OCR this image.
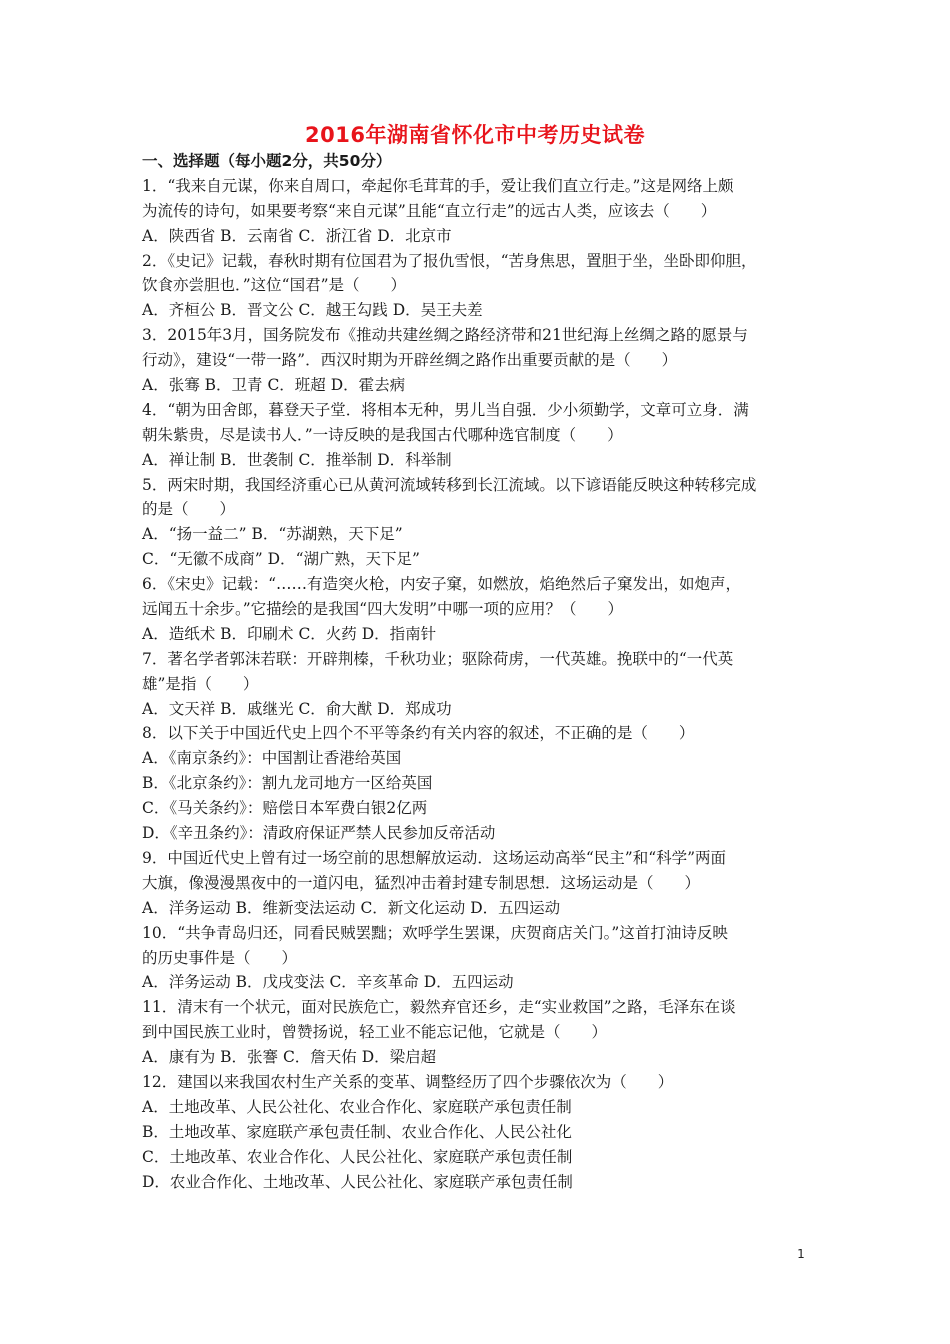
2016年湖南省怀化市中考历史试卷
一、选择题（每小题2分，共50分）
1．“我来自元谋，你来自周口，牵起你毛茸茸的手，爱让我们直立行走。”这是网络上颇
为流传的诗句，如果要考察“来自元谋”且能“直立行走”的远古人类，应该去（　　）
A．陕西省 B．云南省 C．浙江省 D．北京市
2．《史记》记载，春秋时期有位国君为了报仇雪恨，“苦身焦思，置胆于坐，坐卧即仰胆，
饮食亦尝胆也．”这位“国君”是（　　）
A．齐桓公 B．晋文公 C．越王勾践 D．吴王夫差
3．2015年3月，国务院发布《推动共建丝绸之路经济带和21世纪海上丝绸之路的愿景与
行动》，建设“一带一路”．西汉时期为开辟丝绸之路作出重要贡献的是（　　）
A．张骞 B．卫青 C．班超 D．霍去病
4．“朝为田舍郎，暮登天子堂．将相本无种，男儿当自强．少小须勤学，文章可立身．满
朝朱紫贵，尽是读书人．”一诗反映的是我国古代哪种选官制度（　　）
A．禅让制 B．世袭制 C．推举制 D．科举制
5．两宋时期，我国经济重心已从黄河流域转移到长江流域。以下谚语能反映这种转移完成
的是（　　）
A．“扬一益二” B．“苏湖熟，天下足”
C．“无徽不成商” D．“湖广熟，天下足”
6．《宋史》记载：“……有造突火枪，内安子窠，如燃放，焰绝然后子窠发出，如炮声，
远闻五十余步。”它描绘的是我国“四大发明”中哪一项的应用？（　　）
A．造纸术 B．印刷术 C．火药 D．指南针
7．著名学者郭沫若联：开辟荆榛，千秋功业；驱除荷虏，一代英雄。挽联中的“一代英
雄”是指（　　）
A．文天祥 B．戚继光 C．俞大猷 D．郑成功
8．以下关于中国近代史上四个不平等条约有关内容的叙述，不正确的是（　　）
A．《南京条约》：中国割让香港给英国
B．《北京条约》：割九龙司地方一区给英国
C．《马关条约》：赔偿日本军费白银2亿两
D．《辛丑条约》：清政府保证严禁人民参加反帝活动
9．中国近代史上曾有过一场空前的思想解放运动．这场运动高举“民主”和“科学”两面
大旗，像漫漫黑夜中的一道闪电，猛烈冲击着封建专制思想．这场运动是（　　）
A．洋务运动 B．维新变法运动 C．新文化运动 D．五四运动
10．“共争青岛归还，同看民贼罢黜；欢呼学生罢课，庆贺商店关门。”这首打油诗反映
的历史事件是（　　）
A．洋务运动 B．戊戌变法 C．辛亥革命 D．五四运动
11．清末有一个状元，面对民族危亡，毅然弃官还乡，走“实业救国”之路，毛泽东在谈
到中国民族工业时，曾赞扬说，轻工业不能忘记他，它就是（　　）
A．康有为 B．张謇 C．詹天佑 D．梁启超
12．建国以来我国农村生产关系的变革、调整经历了四个步骤依次为（　　）
A．土地改革、人民公社化、农业合作化、家庭联产承包责任制
B．土地改革、家庭联产承包责任制、农业合作化、人民公社化
C．土地改革、农业合作化、人民公社化、家庭联产承包责任制
D．农业合作化、土地改革、人民公社化、家庭联产承包责任制
1
